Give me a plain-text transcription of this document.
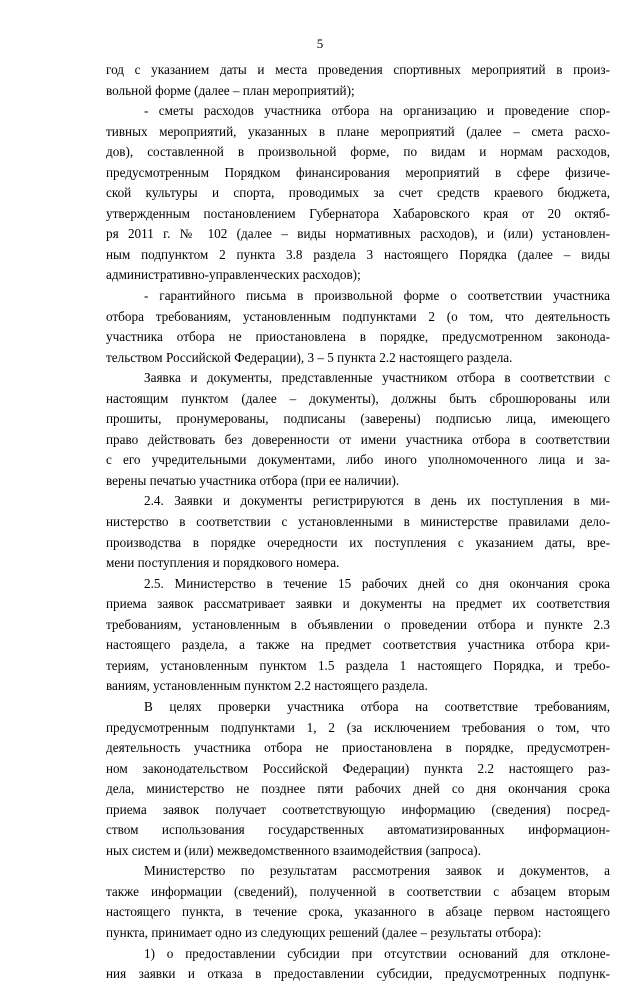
5
год с указанием даты и места проведения спортивных мероприятий в произ-
вольной форме (далее – план мероприятий);
- сметы расходов участника отбора на организацию и проведение спор-
тивных мероприятий, указанных в плане мероприятий (далее – смета расхо-
дов), составленной в произвольной форме, по видам и нормам расходов,
предусмотренным Порядком финансирования мероприятий в сфере физиче-
ской культуры и спорта, проводимых за счет средств краевого бюджета,
утвержденным постановлением Губернатора Хабаровского края от 20 октяб-
ря 2011 г. № 102 (далее – виды нормативных расходов), и (или) установлен-
ным подпунктом 2 пункта 3.8 раздела 3 настоящего Порядка (далее – виды
административно-управленческих расходов);
- гарантийного письма в произвольной форме о соответствии участника
отбора требованиям, установленным подпунктами 2 (о том, что деятельность
участника отбора не приостановлена в порядке, предусмотренном законода-
тельством Российской Федерации), 3 – 5 пункта 2.2 настоящего раздела.
Заявка и документы, представленные участником отбора в соответствии с
настоящим пунктом (далее – документы), должны быть сброшюрованы или
прошиты, пронумерованы, подписаны (заверены) подписью лица, имеющего
право действовать без доверенности от имени участника отбора в соответствии
с его учредительными документами, либо иного уполномоченного лица и за-
верены печатью участника отбора (при ее наличии).
2.4. Заявки и документы регистрируются в день их поступления в ми-
нистерство в соответствии с установленными в министерстве правилами дело-
производства в порядке очередности их поступления с указанием даты, вре-
мени поступления и порядкового номера.
2.5. Министерство в течение 15 рабочих дней со дня окончания срока
приема заявок рассматривает заявки и документы на предмет их соответствия
требованиям, установленным в объявлении о проведении отбора и пункте 2.3
настоящего раздела, а также на предмет соответствия участника отбора кри-
териям, установленным пунктом 1.5 раздела 1 настоящего Порядка, и требо-
ваниям, установленным пунктом 2.2 настоящего раздела.
В целях проверки участника отбора на соответствие требованиям,
предусмотренным подпунктами 1, 2 (за исключением требования о том, что
деятельность участника отбора не приостановлена в порядке, предусмотрен-
ном законодательством Российской Федерации) пункта 2.2 настоящего раз-
дела, министерство не позднее пяти рабочих дней со дня окончания срока
приема заявок получает соответствующую информацию (сведения) посред-
ством использования государственных автоматизированных информацион-
ных систем и (или) межведомственного взаимодействия (запроса).
Министерство по результатам рассмотрения заявок и документов, а
также информации (сведений), полученной в соответствии с абзацем вторым
настоящего пункта, в течение срока, указанного в абзаце первом настоящего
пункта, принимает одно из следующих решений (далее – результаты отбора):
1) о предоставлении субсидии при отсутствии оснований для отклоне-
ния заявки и отказа в предоставлении субсидии, предусмотренных подпунк-
